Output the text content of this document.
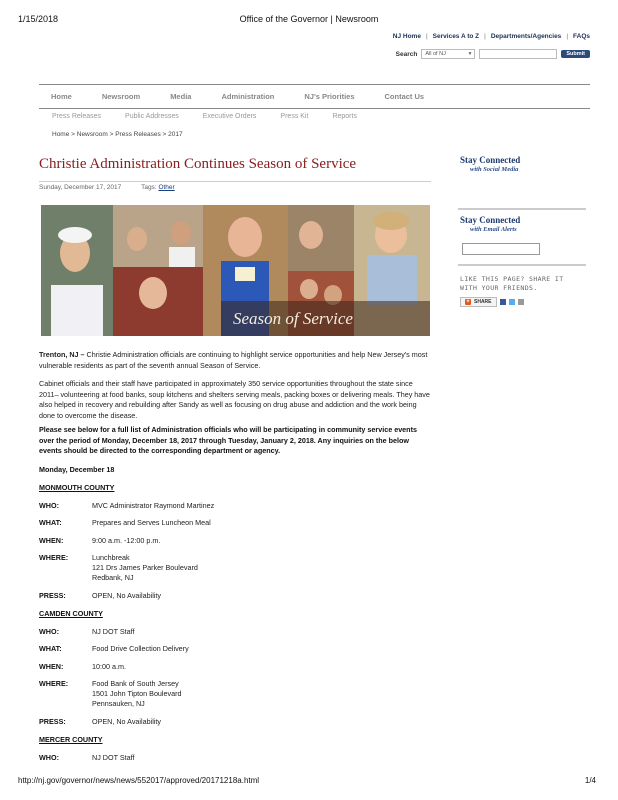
1/15/2018	Office of the Governor | Newsroom
NJ Home | Services A to Z | Departments/Agencies | FAQs
Search All of NJ	▾	Submit
Home	Newsroom	Media	Administration	NJ's Priorities	Contact Us
Press Releases	Public Addresses	Executive Orders	Press Kit	Reports
Home > Newsroom > Press Releases > 2017
Christie Administration Continues Season of Service
Sunday, December 17, 2017	Tags: Other
Season of Service
Trenton, NJ – Christie Administration officials are continuing to highlight service opportunities and help New Jersey's most vulnerable residents as part of the seventh annual Season of Service.
Cabinet officials and their staff have participated in approximately 350 service opportunities throughout the state since 2011– volunteering at food banks, soup kitchens and shelters serving meals, packing boxes or delivering meals. They have also helped in recovery and rebuilding after Sandy as well as focusing on drug abuse and addiction and the work being done to overcome the disease.
Please see below for a full list of Administration officials who will be participating in community service events over the period of Monday, December 18, 2017 through Tuesday, January 2, 2018. Any inquiries on the below events should be directed to the corresponding department or agency.
Monday, December 18
MONMOUTH COUNTY
WHO:	MVC Administrator Raymond Martinez
WHAT:	Prepares and Serves Luncheon Meal
WHEN:	9:00 a.m. -12:00 p.m.
WHERE:	Lunchbreak
121 Drs James Parker Boulevard
Redbank, NJ
PRESS:	OPEN, No Availability
CAMDEN COUNTY
WHO:	NJ DOT Staff
WHAT:	Food Drive Collection Delivery
WHEN:	10:00 a.m.
WHERE:	Food Bank of South Jersey
1501 John Tipton Boulevard
Pennsauken, NJ
PRESS:	OPEN, No Availability
MERCER COUNTY
WHO:	NJ DOT Staff
Stay Connected
with Social Media
Stay Connected
with Email Alerts
LIKE THIS PAGE? SHARE IT
WITH YOUR FRIENDS.
+ SHARE
http://nj.gov/governor/news/news/552017/approved/20171218a.html	1/4
